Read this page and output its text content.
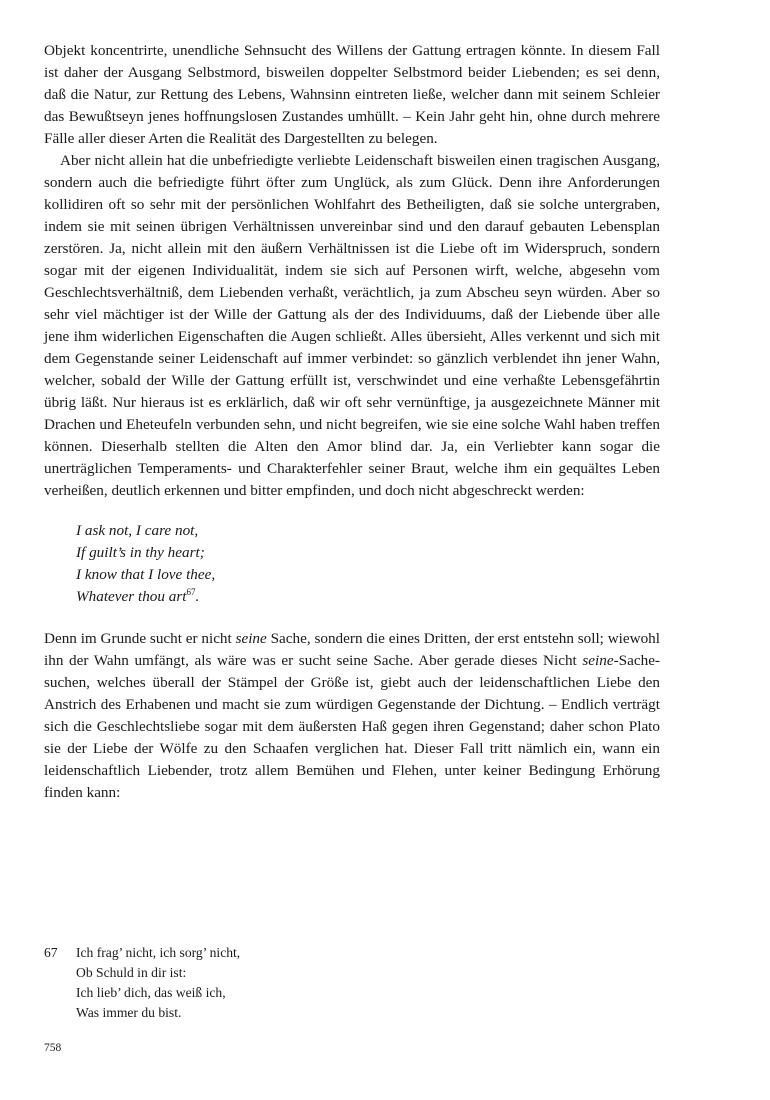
Objekt koncentrirte, unendliche Sehnsucht des Willens der Gattung ertragen könnte. In diesem Fall ist daher der Ausgang Selbstmord, bisweilen doppelter Selbstmord beider Liebenden; es sei denn, daß die Natur, zur Rettung des Lebens, Wahnsinn eintreten ließe, welcher dann mit seinem Schleier das Bewußtseyn jenes hoffnungslosen Zustandes umhüllt. – Kein Jahr geht hin, ohne durch mehrere Fälle aller dieser Arten die Realität des Dargestellten zu belegen.

Aber nicht allein hat die unbefriedigte verliebte Leidenschaft bisweilen einen tragischen Ausgang, sondern auch die befriedigte führt öfter zum Unglück, als zum Glück. Denn ihre Anforderungen kollidiren oft so sehr mit der persönlichen Wohlfahrt des Betheiligten, daß sie solche untergraben, indem sie mit seinen übrigen Verhältnissen unvereinbar sind und den darauf gebauten Lebensplan zerstören. Ja, nicht allein mit den äußern Verhältnissen ist die Liebe oft im Widerspruch, sondern sogar mit der eigenen Individualität, indem sie sich auf Personen wirft, welche, abgesehn vom Geschlechtsverhältniß, dem Liebenden verhaßt, verächtlich, ja zum Abscheu seyn würden. Aber so sehr viel mächtiger ist der Wille der Gattung als der des Individuums, daß der Liebende über alle jene ihm widerlichen Eigenschaften die Augen schließt. Alles übersieht, Alles verkennt und sich mit dem Gegenstande seiner Leidenschaft auf immer verbindet: so gänzlich verblendet ihn jener Wahn, welcher, sobald der Wille der Gattung erfüllt ist, verschwindet und eine verhaßte Lebensgefährtin übrig läßt. Nur hieraus ist es erklärlich, daß wir oft sehr vernünftige, ja ausgezeichnete Männer mit Drachen und Eheteufeln verbunden sehn, und nicht begreifen, wie sie eine solche Wahl haben treffen können. Dieserhalb stellten die Alten den Amor blind dar. Ja, ein Verliebter kann sogar die unerträglichen Temperaments- und Charakterfehler seiner Braut, welche ihm ein gequältes Leben verheißen, deutlich erkennen und bitter empfinden, und doch nicht abgeschreckt werden:

I ask not, I care not,
If guilt’s in thy heart;
I know that I love thee,
Whatever thou art$^{67}$.

Denn im Grunde sucht er nicht seine Sache, sondern die eines Dritten, der erst entstehn soll; wiewohl ihn der Wahn umfängt, als wäre was er sucht seine Sache. Aber gerade dieses Nicht seine-Sache-suchen, welches überall der Stämpel der Größe ist, giebt auch der leidenschaftlichen Liebe den Anstrich des Erhabenen und macht sie zum würdigen Gegenstande der Dichtung. – Endlich verträgt sich die Geschlechtsliebe sogar mit dem äußersten Haß gegen ihren Gegenstand; daher schon Plato sie der Liebe der Wölfe zu den Schaafen verglichen hat. Dieser Fall tritt nämlich ein, wann ein leidenschaftlich Liebender, trotz allem Bemühen und Flehen, unter keiner Bedingung Erhörung finden kann:

67 Ich frag’ nicht, ich sorg’ nicht,
Ob Schuld in dir ist:
Ich lieb’ dich, das weiß ich,
Was immer du bist.
758
